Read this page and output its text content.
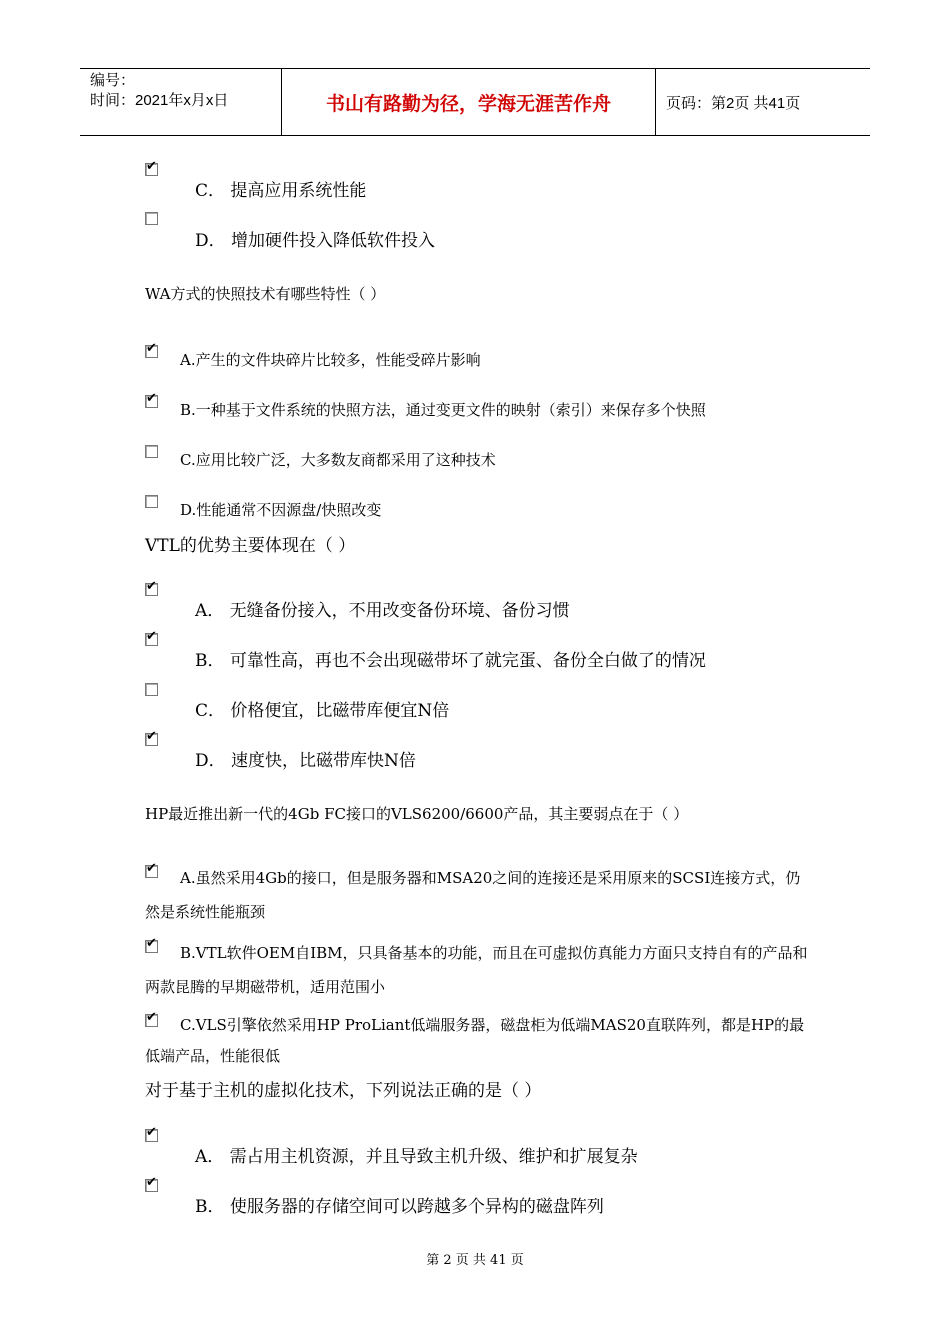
编号：
时间：2021年x月x日	书山有路勤为径，学海无涯苦作舟	页码：第2页 共41页
✔
C． 提高应用系统性能
D． 增加硬件投入降低软件投入
WA方式的快照技术有哪些特性（ ）
✔
A.产生的文件块碎片比较多，性能受碎片影响
✔
B.一种基于文件系统的快照方法，通过变更文件的映射（索引）来保存多个快照
C.应用比较广泛，大多数友商都采用了这种技术
D.性能通常不因源盘/快照改变
VTL的优势主要体现在（ ）
✔
A． 无缝备份接入，不用改变备份环境、备份习惯
✔
B． 可靠性高，再也不会出现磁带坏了就完蛋、备份全白做了的情况
C． 价格便宜，比磁带库便宜N倍
✔
D． 速度快，比磁带库快N倍
HP最近推出新一代的4Gb FC接口的VLS6200/6600产品，其主要弱点在于（ ）
✔
A.虽然采用4Gb的接口，但是服务器和MSA20之间的连接还是采用原来的SCSI连接方式，仍然是系统性能瓶颈
✔
B.VTL软件OEM自IBM，只具备基本的功能，而且在可虚拟仿真能力方面只支持自有的产品和两款昆腾的早期磁带机，适用范围小
✔	C.VLS引擎依然采用HP ProLiant低端服务器，磁盘柜为低端MAS20直联阵列，都是HP的最低端产品，性能很低
对于基于主机的虚拟化技术，下列说法正确的是（ ）
✔
A． 需占用主机资源，并且导致主机升级、维护和扩展复杂
✔
B． 使服务器的存储空间可以跨越多个异构的磁盘阵列
第 2 页 共 41 页
